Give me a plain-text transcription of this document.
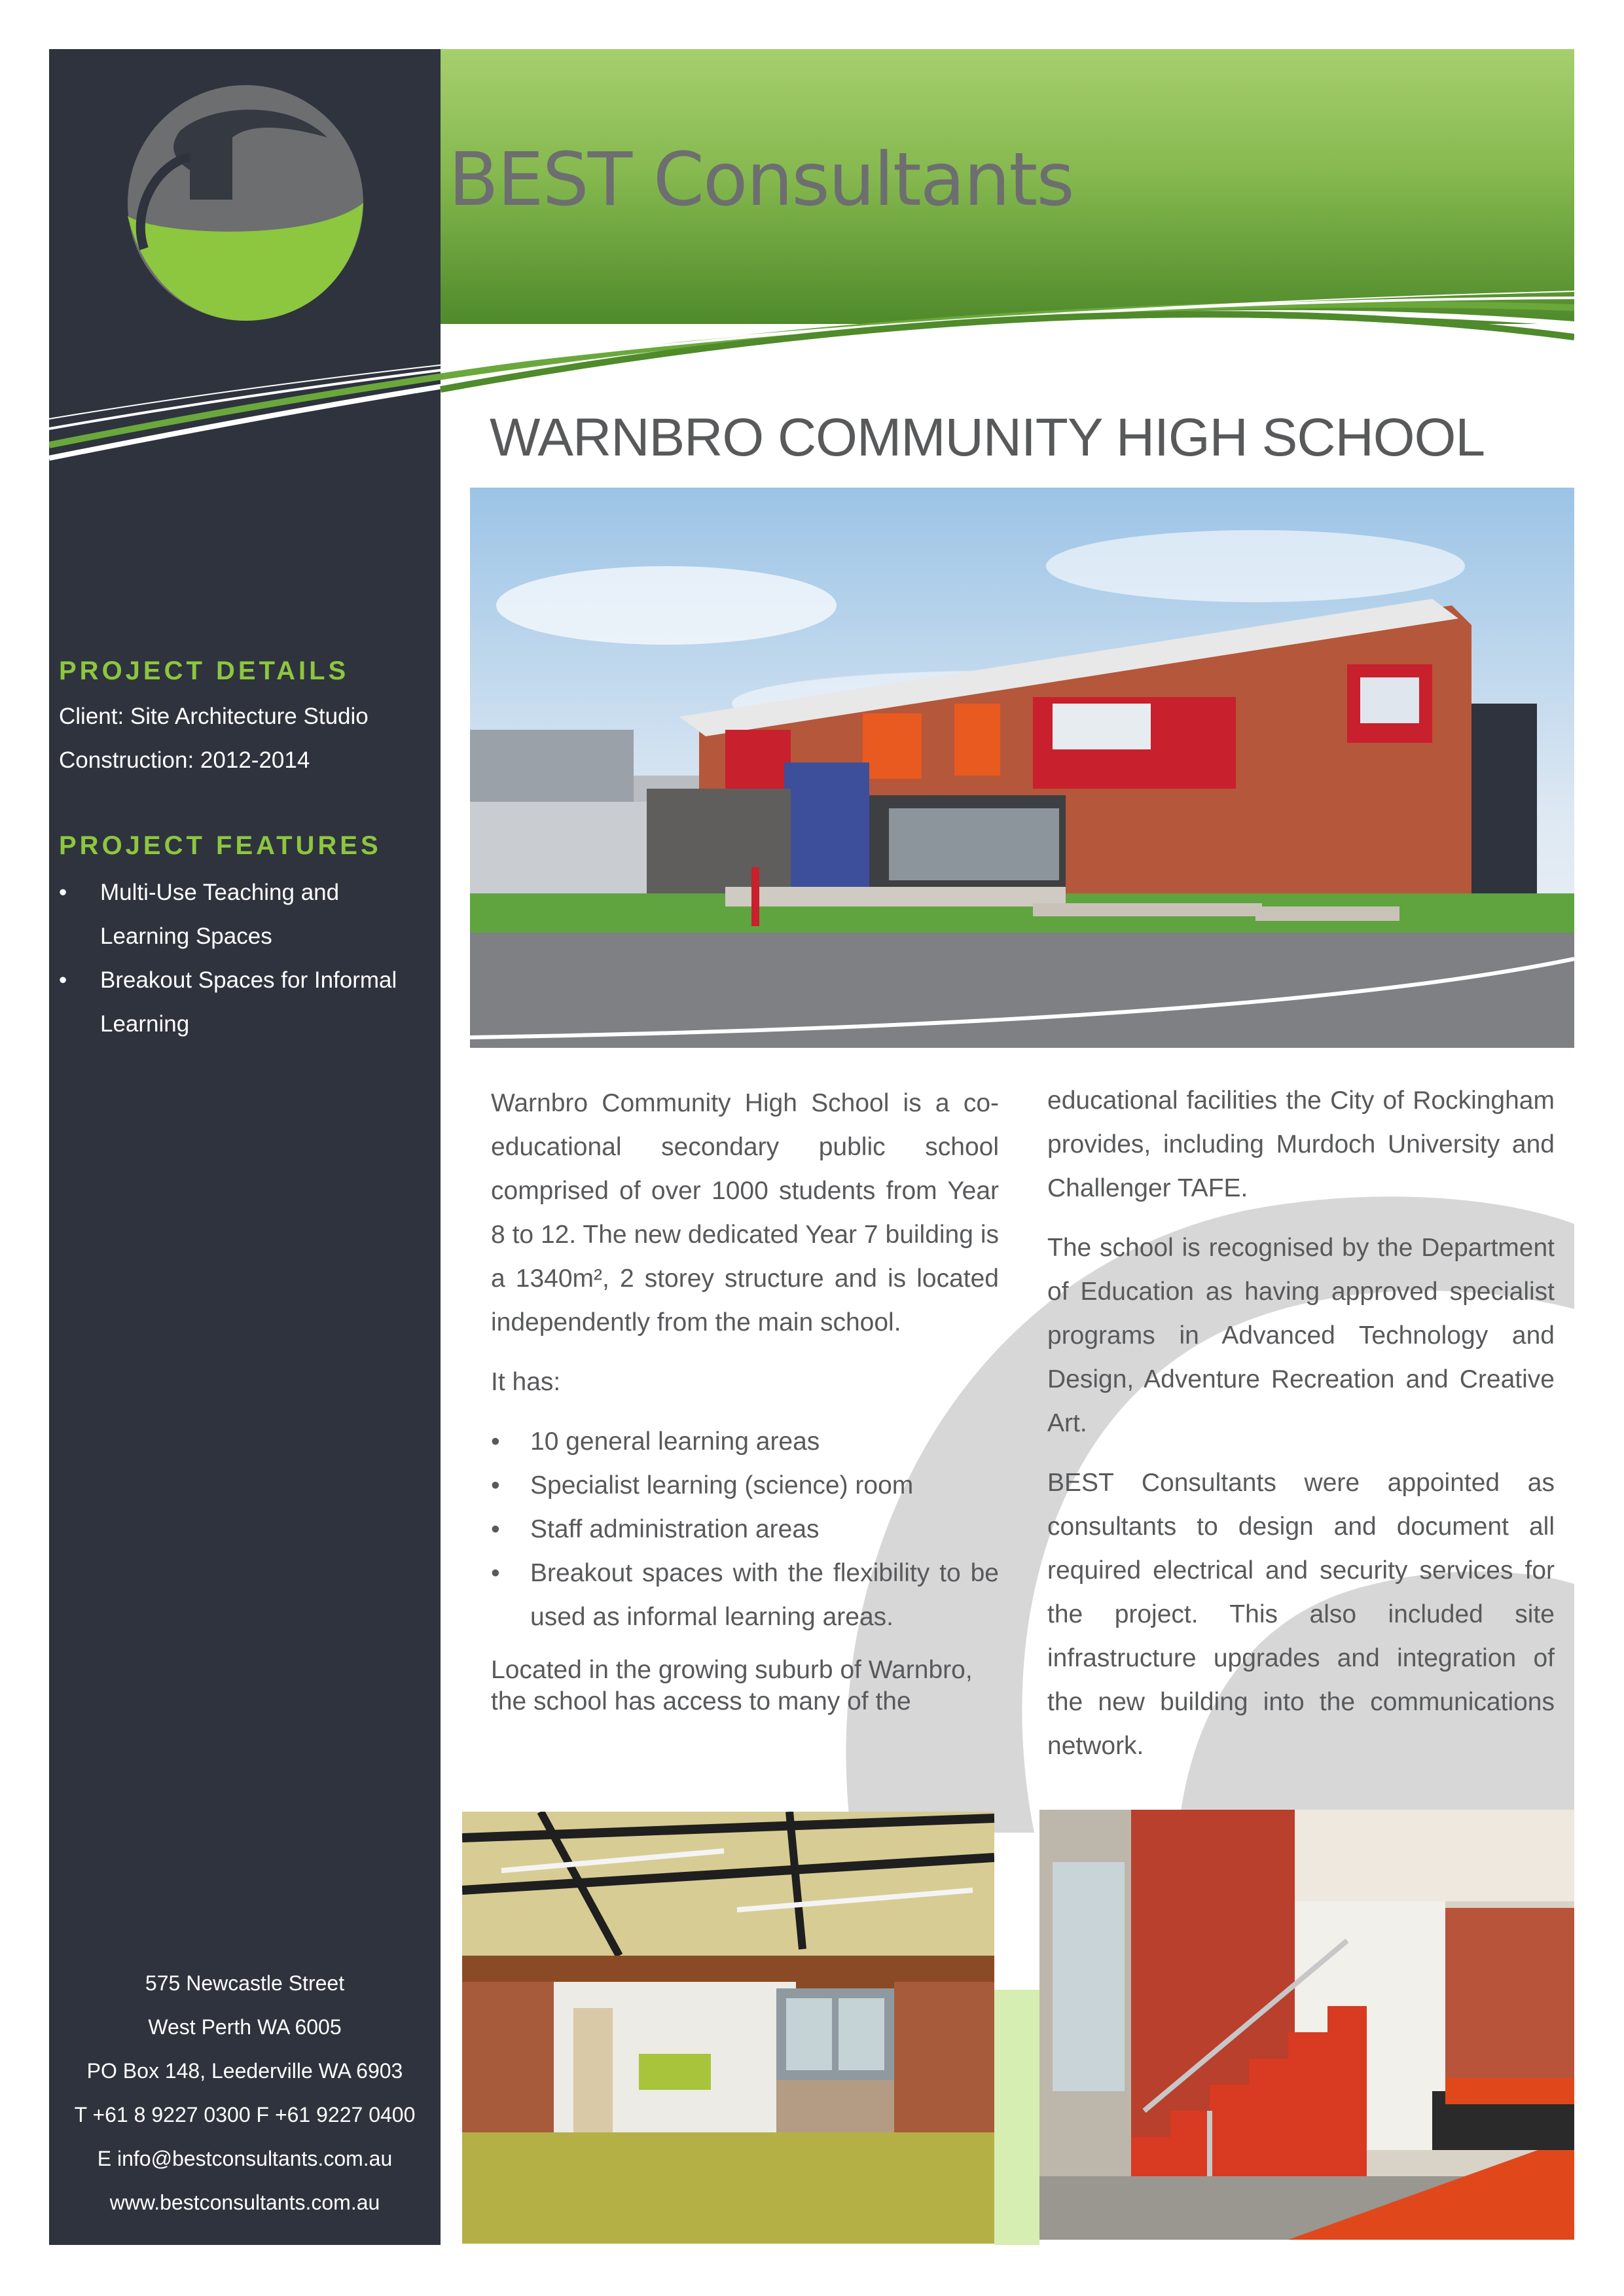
BEST Consultants
WARNBRO COMMUNITY HIGH SCHOOL
PROJECT DETAILS
Client: Site Architecture Studio
Construction: 2012-2014
PROJECT FEATURES
•	Multi-Use Teaching and
Learning Spaces
•	Breakout Spaces for Informal
Learning
575 Newcastle Street
West Perth WA 6005
PO Box 148, Leederville WA 6903
T +61 8 9227 0300 F +61 9227 0400
E info@bestconsultants.com.au
www.bestconsultants.com.au

Warnbro Community High School is a co-educational secondary public school comprised of over 1000 students from Year 8 to 12. The new dedicated Year 7 building is a 1340m², 2 storey structure and is located independently from the main school.

It has:

• 10 general learning areas
• Specialist learning (science) room
• Staff administration areas
• Breakout spaces with the flexibility to be used as informal learning areas.

Located in the growing suburb of Warnbro,
the school has access to many of the

educational facilities the City of Rockingham provides, including Murdoch University and Challenger TAFE.

The school is recognised by the Department of Education as having approved specialist programs in Advanced Technology and Design, Adventure Recreation and Creative Art.

BEST Consultants were appointed as consultants to design and document all required electrical and security services for the project. This also included site infrastructure upgrades and integration of the new building into the communications network.
